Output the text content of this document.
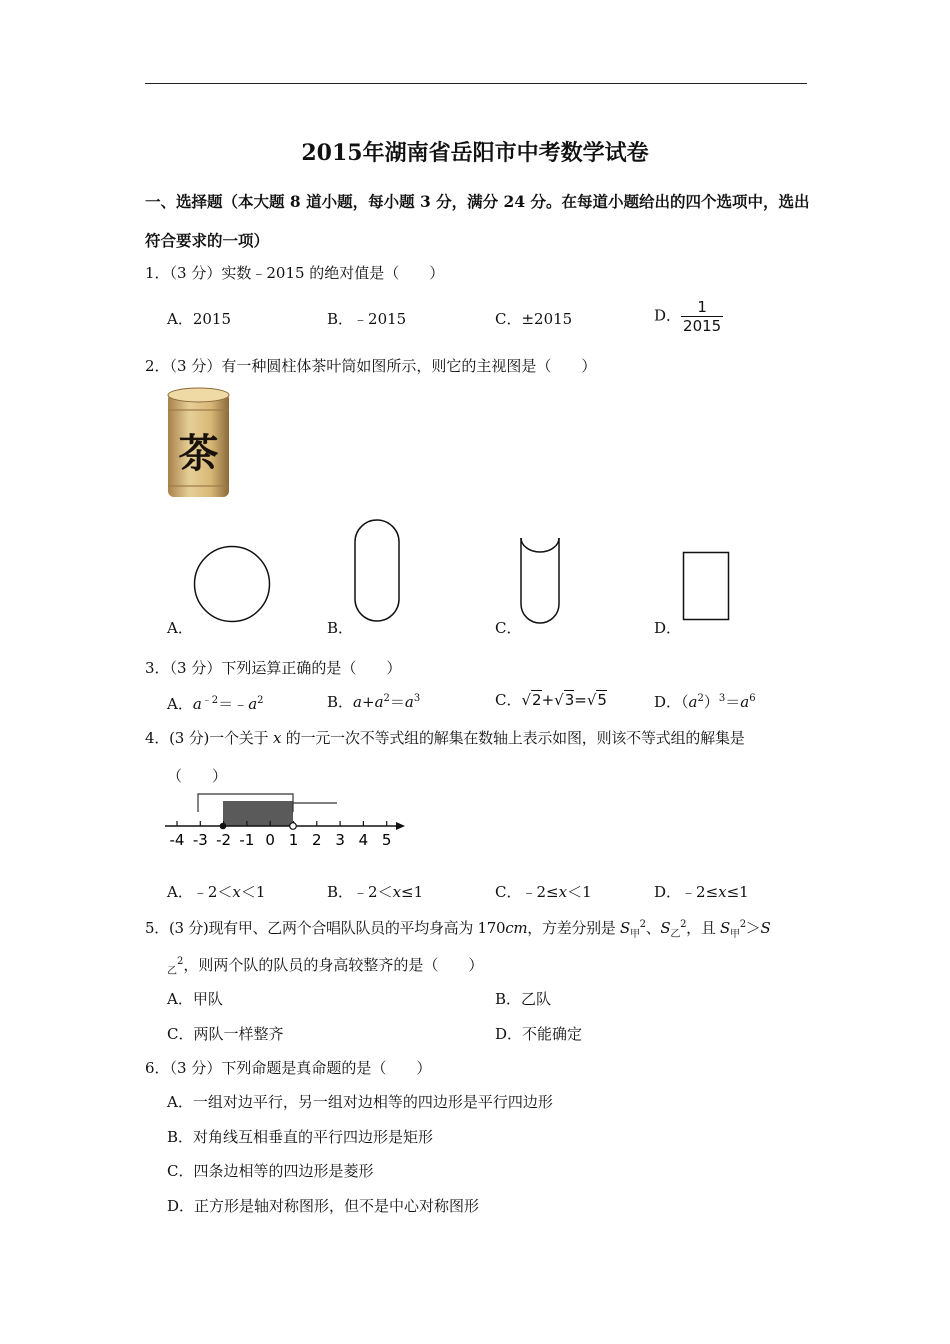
2015年湖南省岳阳市中考数学试卷
一、选择题（本大题 8 道小题，每小题 3 分，满分 24 分。在每道小题给出的四个选项中，选出
符合要求的一项）
1．（3 分）实数﹣2015 的绝对值是（　　）
A．2015	B．﹣2015	C．±2015	D． $\frac{1}{2015}$
2．（3 分）有一种圆柱体茶叶筒如图所示，则它的主视图是（　　）
茶
A．	B．	C．	D．
3．（3 分）下列运算正确的是（　　）
A．$a^{﹣2}=﹣a^2$	B．$a+a^2=a^3$	C．√2+√3=√5	D．$(a^2)^3=a^6$
4．(3 分)一个关于 x 的一元一次不等式组的解集在数轴上表示如图，则该不等式组的解集是
（　　）
-4 -3 -2 -1 0 1 2 3 4 5
A．﹣2＜x＜1	B．﹣2＜x≤1	C．﹣2≤x＜1	D．﹣2≤x≤1
5．(3 分)现有甲、乙两个合唱队队员的平均身高为 170cm，方差分别是 $S_甲^2$、$S_乙^2$，且 $S_甲^2>S$
$_乙^2$，则两个队的队员的身高较整齐的是（　　）
A．甲队	B．乙队
C．两队一样整齐	D．不能确定
6．（3 分）下列命题是真命题的是（　　）
A．一组对边平行，另一组对边相等的四边形是平行四边形
B．对角线互相垂直的平行四边形是矩形
C．四条边相等的四边形是菱形
D．正方形是轴对称图形，但不是中心对称图形
